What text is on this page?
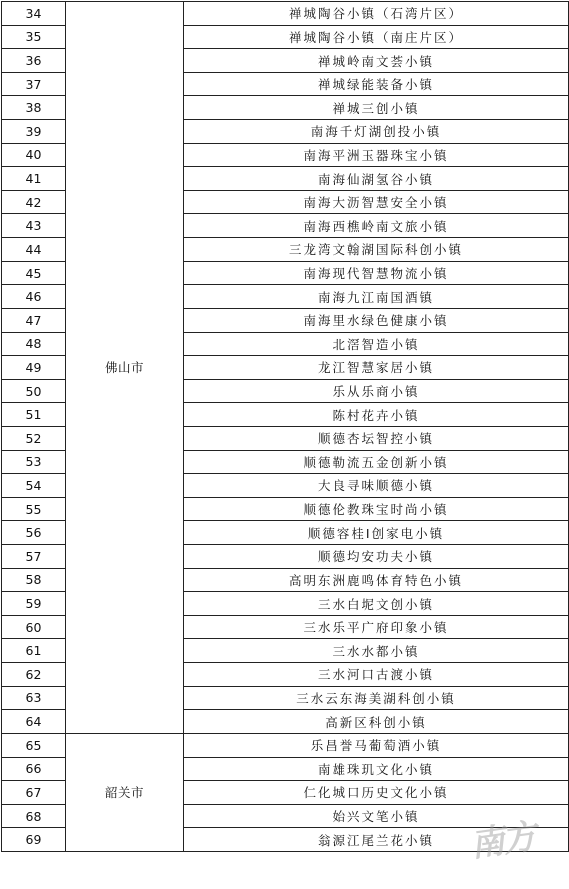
34	佛山市	禅城陶谷小镇（石湾片区）
35		禅城陶谷小镇（南庄片区）
36		禅城岭南文荟小镇
37		禅城绿能装备小镇
38		禅城三创小镇
39		南海千灯湖创投小镇
40		南海平洲玉器珠宝小镇
41		南海仙湖氢谷小镇
42		南海大沥智慧安全小镇
43		南海西樵岭南文旅小镇
44		三龙湾文翰湖国际科创小镇
45		南海现代智慧物流小镇
46		南海九江南国酒镇
47		南海里水绿色健康小镇
48		北滘智造小镇
49		龙江智慧家居小镇
50		乐从乐商小镇
51		陈村花卉小镇
52		顺德杏坛智控小镇
53		顺德勒流五金创新小镇
54		大良寻味顺德小镇
55		顺德伦教珠宝时尚小镇
56		顺德容桂I创家电小镇
57		顺德均安功夫小镇
58		高明东洲鹿鸣体育特色小镇
59		三水白坭文创小镇
60		三水乐平广府印象小镇
61		三水水都小镇
62		三水河口古渡小镇
63		三水云东海美湖科创小镇
64		高新区科创小镇
65	韶关市	乐昌誉马葡萄酒小镇
66		南雄珠玑文化小镇
67		仁化城口历史文化小镇
68		始兴文笔小镇
69		翁源江尾兰花小镇 南方
